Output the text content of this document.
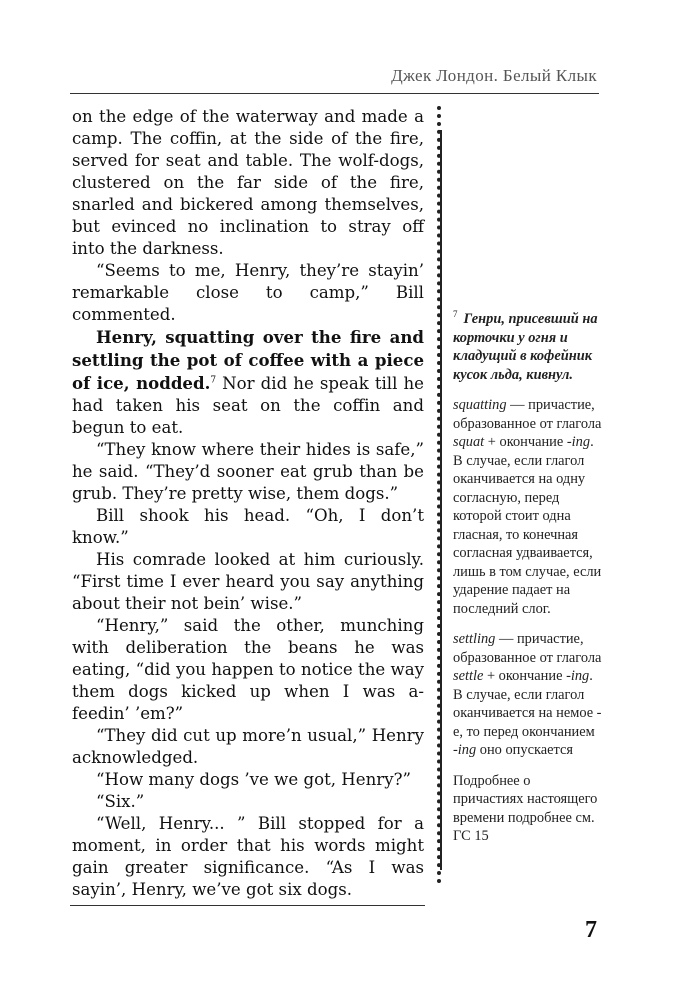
Джек Лондон. Белый Клык

on the edge of the waterway and made a camp. The coffin, at the side of the fire, served for seat and table. The wolf-dogs, clustered on the far side of the fire, snarled and bickered among themselves, but evinced no inclination to stray off into the darkness.

“Seems to me, Henry, they’re stayin’ remarkable close to camp,” Bill commented.

Henry, squatting over the fire and settling the pot of coffee with a piece of ice, nodded.$^7$ Nor did he speak till he had taken his seat on the coffin and begun to eat.

“They know where their hides is safe,” he said. “They’d sooner eat grub than be grub. They’re pretty wise, them dogs.”

Bill shook his head. “Oh, I don’t know.”

His comrade looked at him curiously. “First time I ever heard you say anything about their not bein’ wise.”

“Henry,” said the other, munching with deliberation the beans he was eating, “did you happen to notice the way them dogs kicked up when I was a-feedin’ ’em?”

“They did cut up more’n usual,” Henry acknowledged.

“How many dogs ’ve we got, Henry?”

“Six.”

“Well, Henry... ” Bill stopped for a moment, in order that his words might gain greater significance. “As I was sayin’, Henry, we’ve got six dogs.

$^7$ Генри, присевший на корточки у огня и кладущий в кофейник кусок льда, кивнул.

squatting — причастие, образованное от глагола squat + окончание -ing. В случае, если глагол оканчивается на одну согласную, перед которой стоит одна гласная, то конечная согласная удваивается, лишь в том случае, если ударение падает на последний слог.

settling — причастие, образованное от глагола settle + окончание -ing. В случае, если глагол оканчивается на немое -e, то перед окончанием -ing оно опускается

Подробнее о причастиях настоящего времени подробнее см. ГС 15

7
